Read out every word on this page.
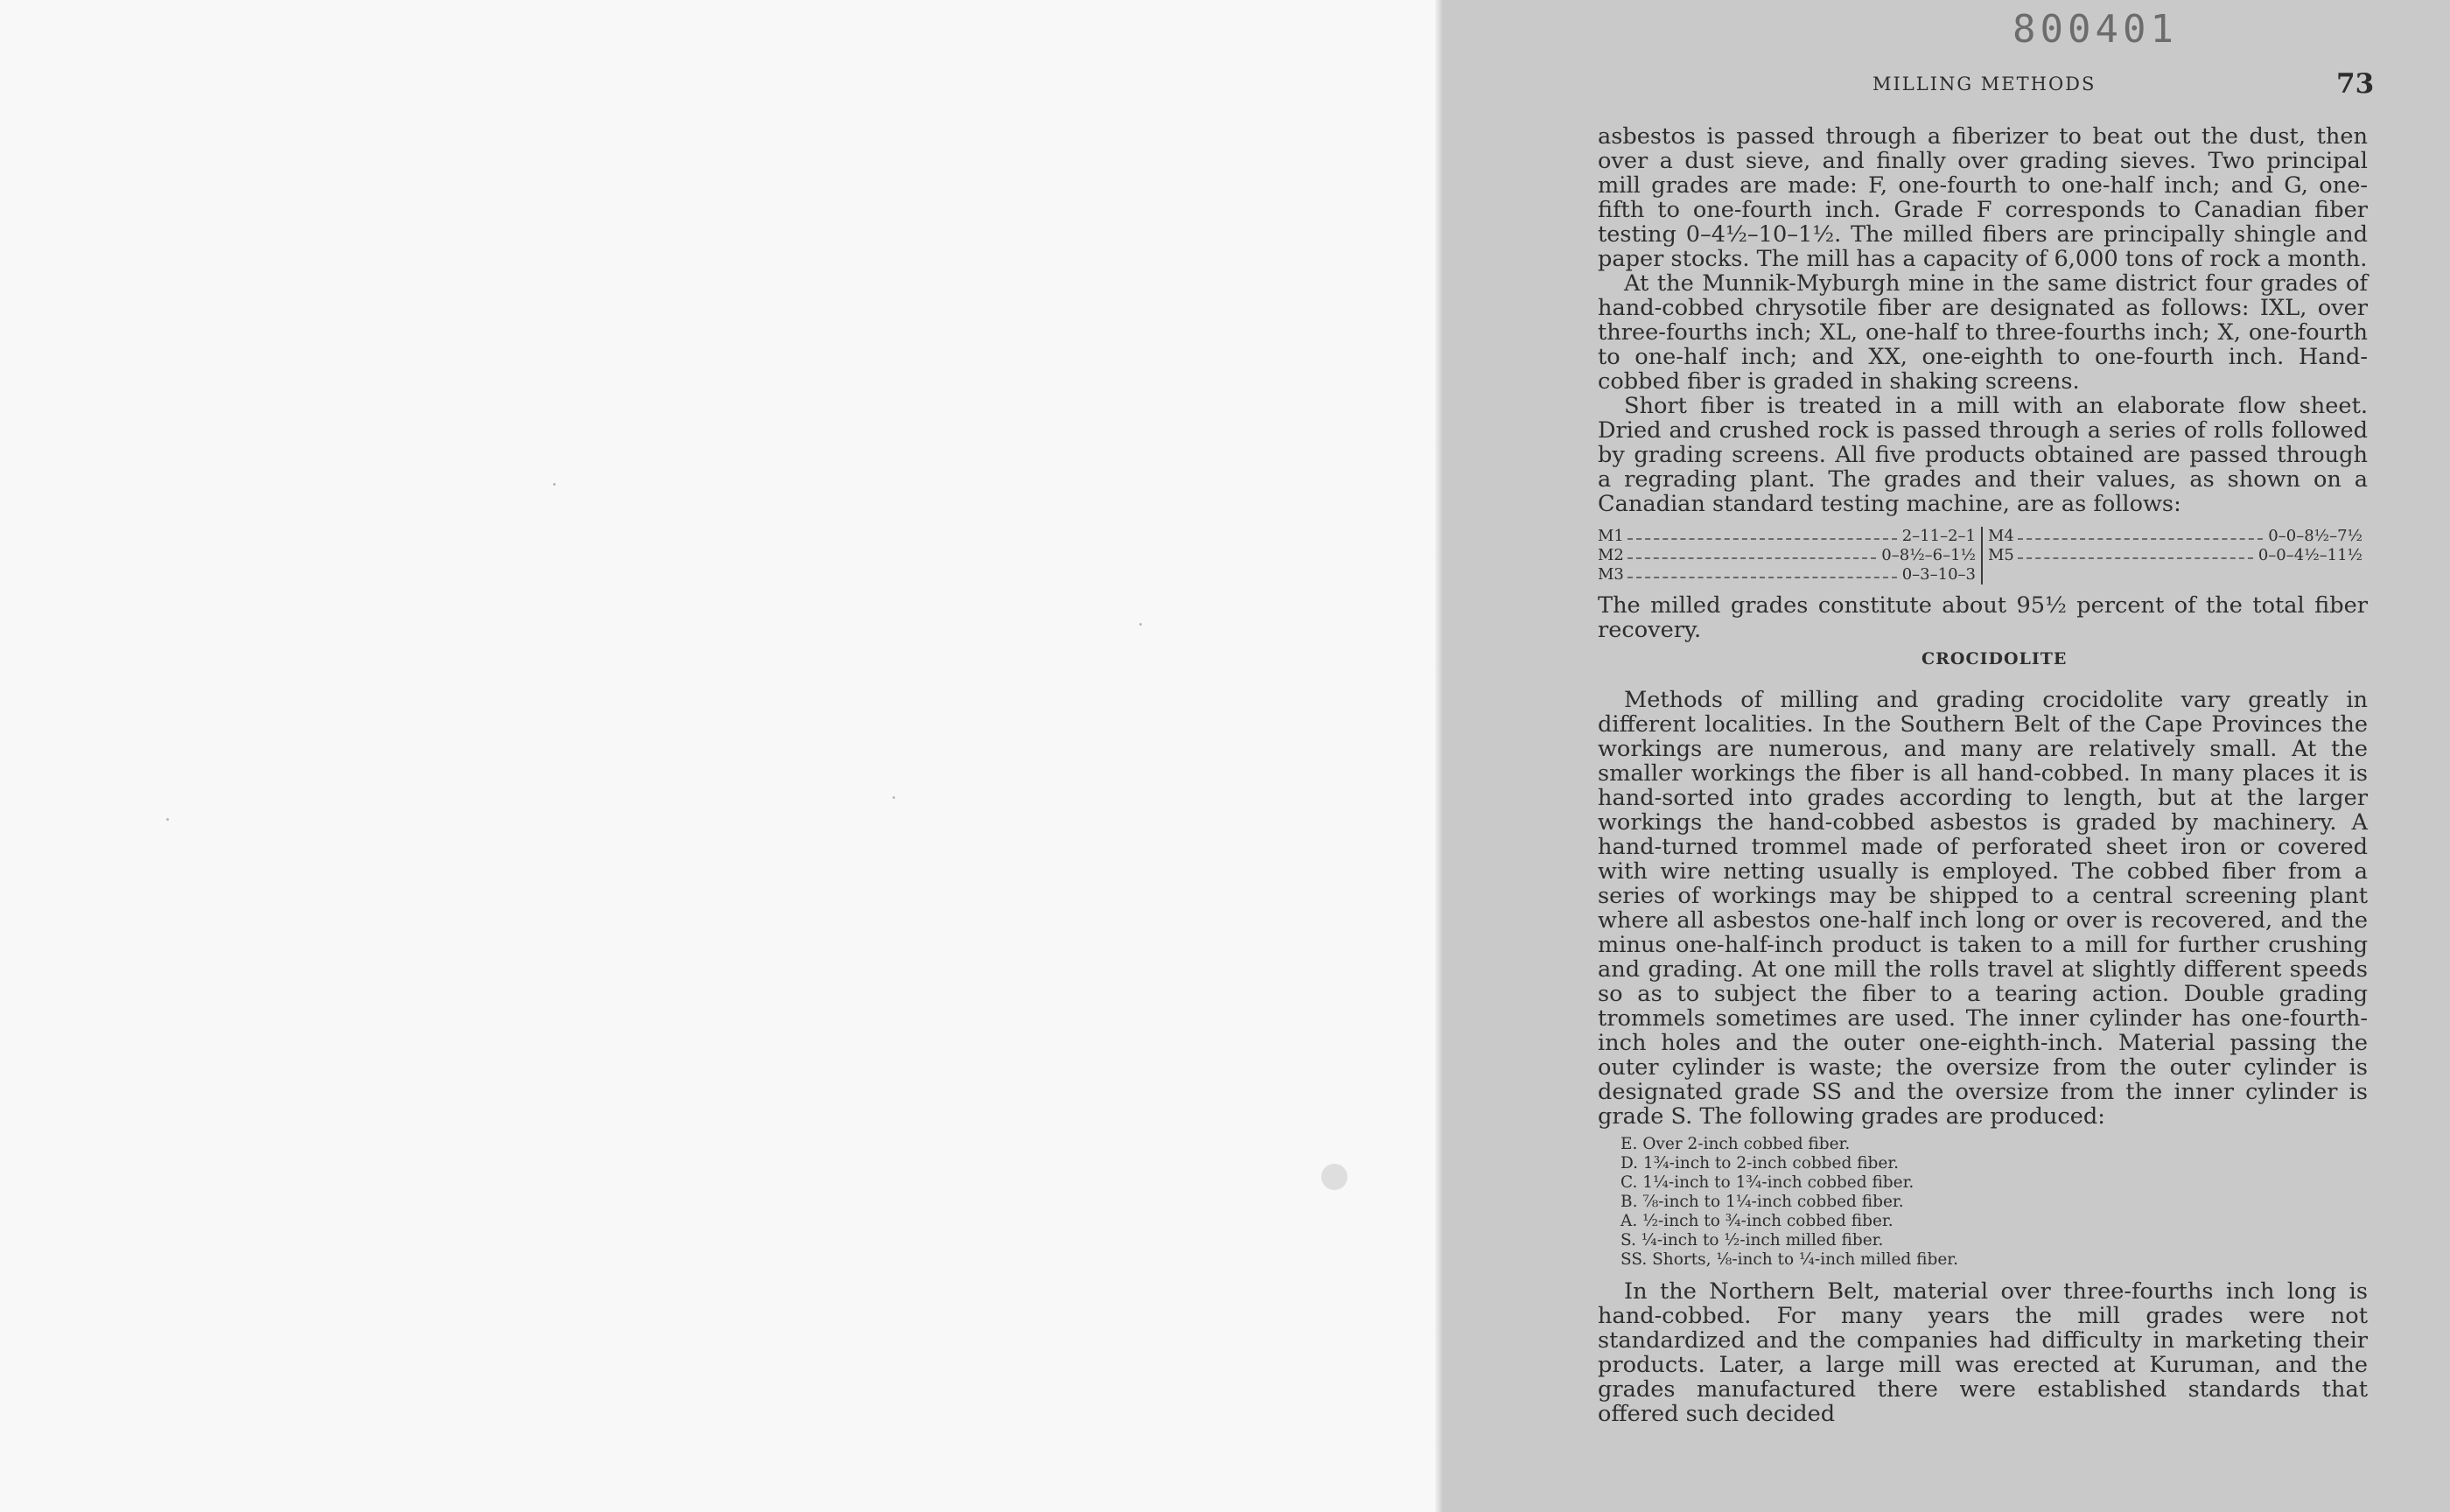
800401
MILLING METHODS	73

asbestos is passed through a fiberizer to beat out the dust, then over a dust sieve, and finally over grading sieves. Two principal mill grades are made: F, one-fourth to one-half inch; and G, one-fifth to one-fourth inch. Grade F corresponds to Canadian fiber testing 0–4½–10–1½. The milled fibers are principally shingle and paper stocks. The mill has a capacity of 6,000 tons of rock a month.

At the Munnik-Myburgh mine in the same district four grades of hand-cobbed chrysotile fiber are designated as follows: IXL, over three-fourths inch; XL, one-half to three-fourths inch; X, one-fourth to one-half inch; and XX, one-eighth to one-fourth inch. Hand-cobbed fiber is graded in shaking screens.

Short fiber is treated in a mill with an elaborate flow sheet. Dried and crushed rock is passed through a series of rolls followed by grading screens. All five products obtained are passed through a regrading plant. The grades and their values, as shown on a Canadian standard testing machine, are as follows:

M1	2–11–2–1
M2	0–8½–6–1½
M3	0–3–10–3
M4	0–0–8½–7½
M5	0–0–4½–11½

The milled grades constitute about 95½ percent of the total fiber recovery.

CROCIDOLITE

Methods of milling and grading crocidolite vary greatly in different localities. In the Southern Belt of the Cape Provinces the workings are numerous, and many are relatively small. At the smaller workings the fiber is all hand-cobbed. In many places it is hand-sorted into grades according to length, but at the larger workings the hand-cobbed asbestos is graded by machinery. A hand-turned trommel made of perforated sheet iron or covered with wire netting usually is employed. The cobbed fiber from a series of workings may be shipped to a central screening plant where all asbestos one-half inch long or over is recovered, and the minus one-half-inch product is taken to a mill for further crushing and grading. At one mill the rolls travel at slightly different speeds so as to subject the fiber to a tearing action. Double grading trommels sometimes are used. The inner cylinder has one-fourth-inch holes and the outer one-eighth-inch. Material passing the outer cylinder is waste; the oversize from the outer cylinder is designated grade SS and the oversize from the inner cylinder is grade S. The following grades are produced:

E. Over 2-inch cobbed fiber.
D. 1¾-inch to 2-inch cobbed fiber.
C. 1¼-inch to 1¾-inch cobbed fiber.
B. ⅞-inch to 1¼-inch cobbed fiber.
A. ½-inch to ¾-inch cobbed fiber.
S. ¼-inch to ½-inch milled fiber.
SS. Shorts, ⅛-inch to ¼-inch milled fiber.

In the Northern Belt, material over three-fourths inch long is hand-cobbed. For many years the mill grades were not standardized and the companies had difficulty in marketing their products. Later, a large mill was erected at Kuruman, and the grades manufactured there were established standards that offered such decided
